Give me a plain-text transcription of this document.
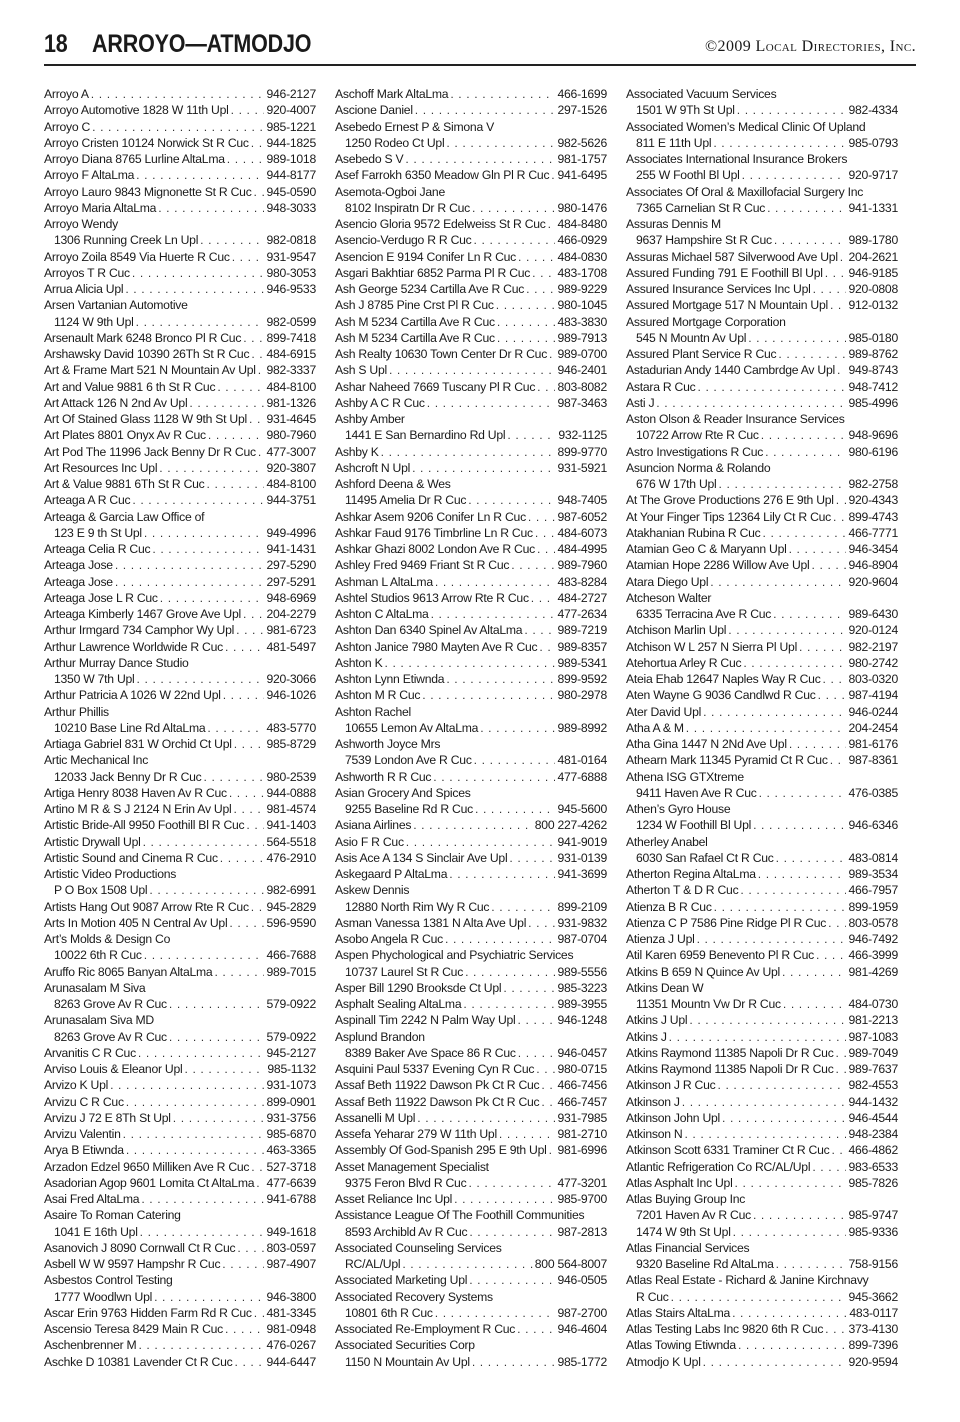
18 ARROYO—ATMODJO	©2009 Local Directories, Inc.
Arroyo A . . .	946-2127
Arroyo Automotive 1828 W 11th Upl . . .	920-4007
Arroyo C . . .	985-1221
Arroyo Cristen 10124 Norwick St R Cuc . . . 944-1825
Arroyo Diana 8765 Lurline AltaLma . . .	989-1018
Arroyo F AltaLma . . .	944-8177
Arroyo Lauro 9843 Mignonette St R Cuc . . . 945-0590
Arroyo Maria AltaLma . . .	948-3033
Arroyo Wendy
1306 Running Creek Ln Upl . . .	982-0818
Arroyo Zoila 8549 Via Huerte R Cuc . . .	931-9547
Arroyos T R Cuc . . .	980-3053
Arrua Alicia Upl . . .	946-9533
Arsen Vartanian Automotive
1124 W 9th Upl . . .	982-0599
Arsenault Mark 6248 Bronco Pl R Cuc . . . 899-7418
Arshawsky David 10390 26Th St R Cuc . . . 484-6915
Art & Frame Mart 521 N Mountain Av Upl . . . 982-3337
Art and Value 9881 6 th St R Cuc . . .	484-8100
Art Attack 126 N 2nd Av Upl . . .	981-1326
Art Of Stained Glass 1128 W 9th St Upl . . . 931-4645
Art Plates 8801 Onyx Av R Cuc . . .	980-7960
Art Pod The 11996 Jack Benny Dr R Cuc . . . 477-3007
Art Resources Inc Upl . . .	920-3807
Art & Value 9881 6Th St R Cuc . . .	484-8100
Arteaga A R Cuc . . .	944-3751
Arteaga & Garcia Law Office of
123 E 9 th St Upl . . .	949-4996
Arteaga Celia R Cuc . . .	941-1431
Arteaga Jose . . .	297-5290
Arteaga Jose . . .	297-5291
Arteaga Jose L R Cuc . . .	948-6969
Arteaga Kimberly 1467 Grove Ave Upl . . . 204-2279
Arthur Irmgard 734 Camphor Wy Upl . . .	981-6723
Arthur Lawrence Worldwide R Cuc . . .	481-5497
Arthur Murray Dance Studio
1350 W 7th Upl . . .	920-3066
Arthur Patricia A 1026 W 22nd Upl . . .	946-1026
Arthur Phillis
10210 Base Line Rd AltaLma . . .	483-5770
Artiaga Gabriel 831 W Orchid Ct Upl . . .	985-8729
Artic Mechanical Inc
12033 Jack Benny Dr R Cuc . . .	980-2539
Artiga Henry 8038 Haven Av R Cuc . . .	944-0888
Artino M R & S J 2124 N Erin Av Upl . . .	981-4574
Artistic Bride-All 9950 Foothill Bl R Cuc . . . 941-1403
Artistic Drywall Upl . . .	564-5518
Artistic Sound and Cinema R Cuc . . .	476-2910
Artistic Video Productions
P O Box 1508 Upl . . .	982-6991
Artists Hang Out 9087 Arrow Rte R Cuc . . . 945-2829
Arts In Motion 405 N Central Av Upl . . .	596-9590
Art’s Molds & Design Co
10022 6th R Cuc . . .	466-7688
Aruffo Ric 8065 Banyan AltaLma . . .	989-7015
Arunasalam M Siva
8263 Grove Av R Cuc . . .	579-0922
Arunasalam Siva MD
8263 Grove Av R Cuc . . .	579-0922
Arvanitis C R Cuc . . .	945-2127
Arviso Louis & Eleanor Upl . . .	985-1132
Arvizo K Upl . . .	931-1073
Arvizu C R Cuc . . .	899-0901
Arvizu J 72 E 8Th St Upl . . .	931-3756
Arvizu Valentin . . .	985-6870
Arya B Etiwnda . . .	463-3365
Arzadon Edzel 9650 Milliken Ave R Cuc . . . 527-3718
Asadorian Agop 9601 Lomita Ct AltaLma . . . 477-6639
Asai Fred AltaLma . . .	941-6788
Asaire To Roman Catering
1041 E 16th Upl . . .	949-1618
Asanovich J 8090 Cornwall Ct R Cuc . . .	803-0597
Asbell W W 9597 Hampshr R Cuc . . .	987-4907
Asbestos Control Testing
1777 Woodlwn Upl . . .	946-3800
Ascar Erin 9763 Hidden Farm Rd R Cuc . . . 481-3345
Ascensio Teresa 8429 Main R Cuc . . .	981-0948
Aschenbrenner M . . .	476-0267
Aschke D 10381 Lavender Ct R Cuc . . .	944-6447
Aschoff Mark AltaLma . . .	466-1699
Ascione Daniel . . .	297-1526
Asebedo Ernest P & Simona V
1250 Rodeo Ct Upl . . .	982-5626
Asebedo S V . . .	981-1757
Asef Farrokh 6350 Meadow Gln Pl R Cuc . . . 941-6495
Asemota-Ogboi Jane
8102 Inspiratn Dr R Cuc . . .	980-1476
Asencio Gloria 9572 Edelweiss St R Cuc . . . 484-8480
Asencio-Verdugo R R Cuc . . .	466-0929
Asencion E 9194 Conifer Ln R Cuc . . .	484-0830
Asgari Bakhtiar 6852 Parma Pl R Cuc . . . 483-1708
Ash George 5234 Cartilla Ave R Cuc . . .	989-9229
Ash J 8785 Pine Crst Pl R Cuc . . .	980-1045
Ash M 5234 Cartilla Ave R Cuc . . .	483-3830
Ash M 5234 Cartilla Ave R Cuc . . .	989-7913
Ash Realty 10630 Town Center Dr R Cuc . . . 989-0700
Ash S Upl . . .	946-2401
Ashar Naheed 7669 Tuscany Pl R Cuc . . . 803-8082
Ashby A C R Cuc . . .	987-3463
Ashby Amber
1441 E San Bernardino Rd Upl . . .	932-1125
Ashby K . . .	899-9770
Ashcroft N Upl . . .	931-5921
Ashford Deena & Wes
11495 Amelia Dr R Cuc . . .	948-7405
Ashkar Asem 9206 Conifer Ln R Cuc . . .	987-6052
Ashkar Faud 9176 Timbrline Ln R Cuc . . . 484-6073
Ashkar Ghazi 8002 London Ave R Cuc . . . 484-4995
Ashley Fred 9469 Friant St R Cuc . . .	989-7960
Ashman L AltaLma . . .	483-8284
Ashtel Studios 9613 Arrow Rte R Cuc . . . 484-2727
Ashton C AltaLma . . .	477-2634
Ashton Dan 6340 Spinel Av AltaLma . . .	989-7219
Ashton Janice 7980 Mayten Ave R Cuc . . . 989-8357
Ashton K . . .	989-5341
Ashton Lynn Etiwnda . . .	899-9592
Ashton M R Cuc . . .	980-2978
Ashton Rachel
10655 Lemon Av AltaLma . . .	989-8992
Ashworth Joyce Mrs
7539 London Ave R Cuc . . .	481-0164
Ashworth R R Cuc . . .	477-6888
Asian Grocery And Spices
9255 Baseline Rd R Cuc . . .	945-5600
Asiana Airlines . . .	800 227-4262
Asio F R Cuc . . .	941-9019
Asis Ace A 134 S Sinclair Ave Upl . . .	931-0139
Askegaard P AltaLma . . .	941-3699
Askew Dennis
12880 North Rim Wy R Cuc . . .	899-2109
Asman Vanessa 1381 N Alta Ave Upl . . .	931-9832
Asobo Angela R Cuc . . .	987-0704
Aspen Phychological and Psychiatric Services
10737 Laurel St R Cuc . . .	989-5556
Asper Bill 1290 Brooksde Ct Upl . . .	985-3223
Asphalt Sealing AltaLma . . .	989-3955
Aspinall Tim 2242 N Palm Way Upl . . .	946-1248
Asplund Brandon
8389 Baker Ave Space 86 R Cuc . . .	946-0457
Asquini Paul 5337 Evening Cyn R Cuc . . . 980-0715
Assaf Beth 11922 Dawson Pk Ct R Cuc . . . 466-7456
Assaf Beth 11922 Dawson Pk Ct R Cuc . . . 466-7457
Assanelli M Upl . . .	931-7985
Assefa Yeharar 279 W 11th Upl . . .	981-2710
Assembly Of God-Spanish 295 E 9th Upl . . . 981-6996
Asset Management Specialist
9375 Feron Blvd R Cuc . . .	477-3201
Asset Reliance Inc Upl . . .	985-9700
Assistance League Of The Foothill Communities
8593 Archibld Av R Cuc . . .	987-2813
Associated Counseling Services
RC/AL/Upl . . .	800 564-8007
Associated Marketing Upl . . .	946-0505
Associated Recovery Systems
10801 6th R Cuc . . .	987-2700
Associated Re-Employment R Cuc . . .	946-4604
Associated Securities Corp
1150 N Mountain Av Upl . . .	985-1772
Associated Vacuum Services
1501 W 9Th St Upl . . .	982-4334
Associated Women’s Medical Clinic Of Upland
811 E 11th Upl . . .	985-0793
Associates International Insurance Brokers
255 W Foothl Bl Upl . . .	920-9717
Associates Of Oral & Maxillofacial Surgery Inc
7365 Carnelian St R Cuc . . .	941-1331
Assuras Dennis M
9637 Hampshire St R Cuc . . .	989-1780
Assuras Michael 587 Silverwood Ave Upl . . . 204-2621
Assured Funding 791 E Foothill Bl Upl . . . 946-9185
Assured Insurance Services Inc Upl . . .	920-0808
Assured Mortgage 517 N Mountain Upl . . . 912-0132
Assured Mortgage Corporation
545 N Mountn Av Upl . . .	985-0180
Assured Plant Service R Cuc . . .	989-8762
Astadurian Andy 1440 Cambrdge Av Upl . . . 949-8743
Astara R Cuc . . .	948-7412
Asti J . . .	985-4996
Aston Olson & Reader Insurance Services
10722 Arrow Rte R Cuc . . .	948-9696
Astro Investigations R Cuc . . .	980-6196
Asuncion Norma & Rolando
676 W 17th Upl . . .	982-2758
At The Grove Productions 276 E 9th Upl . . . 920-4343
At Your Finger Tips 12364 Lily Ct R Cuc . . . 899-4743
Atakhanian Rubina R Cuc . . .	466-7771
Atamian Geo C & Maryann Upl . . .	946-3454
Atamian Hope 2286 Willow Ave Upl . . .	946-8904
Atara Diego Upl . . .	920-9604
Atcheson Walter
6335 Terracina Ave R Cuc . . .	989-6430
Atchison Marlin Upl . . .	920-0124
Atchison W L 257 N Sierra Pl Upl . . .	982-2197
Atehortua Arley R Cuc . . .	980-2742
Ateia Ehab 12647 Naples Way R Cuc . . . 803-0320
Aten Wayne G 9036 Candlwd R Cuc . . .	987-4194
Ater David Upl . . .	946-0244
Atha A & M . . .	204-2454
Atha Gina 1447 N 2Nd Ave Upl . . .	981-6176
Athearn Mark 11345 Pyramid Ct R Cuc . . . 987-8361
Athena ISG GTXtreme
9411 Haven Ave R Cuc . . .	476-0385
Athen’s Gyro House
1234 W Foothill Bl Upl . . .	946-6346
Atherley Anabel
6030 San Rafael Ct R Cuc . . .	483-0814
Atherton Regina AltaLma . . .	989-3534
Atherton T & D R Cuc . . .	466-7957
Atienza B R Cuc . . .	899-1959
Atienza C P 7586 Pine Ridge Pl R Cuc . . . 803-0578
Atienza J Upl . . .	946-7492
Atil Karen 6959 Benevento Pl R Cuc . . .	466-3999
Atkins B 659 N Quince Av Upl . . .	981-4269
Atkins Dean W
11351 Mountn Vw Dr R Cuc . . .	484-0730
Atkins J Upl . . .	981-2213
Atkins J . . .	987-1083
Atkins Raymond 11385 Napoli Dr R Cuc . . . 989-7049
Atkins Raymond 11385 Napoli Dr R Cuc . . . 989-7637
Atkinson J R Cuc . . .	982-4553
Atkinson J . . .	944-1432
Atkinson John Upl . . .	946-4544
Atkinson N . . .	948-2384
Atkinson Scott 6331 Traminer Ct R Cuc . . . 466-4862
Atlantic Refrigeration Co RC/AL/Upl . . .	983-6533
Atlas Asphalt Inc Upl . . .	985-7826
Atlas Buying Group Inc
7201 Haven Av R Cuc . . .	985-9747
1474 W 9th St Upl . . .	985-9336
Atlas Financial Services
9320 Baseline Rd AltaLma . . .	758-9156
Atlas Real Estate - Richard & Janine Kirchnavy
R Cuc . . .	945-3662
Atlas Stairs AltaLma . . .	483-0117
Atlas Testing Labs Inc 9820 6th R Cuc . . . 373-4130
Atlas Towing Etiwnda . . .	899-7396
Atmodjo K Upl . . .	920-9594
